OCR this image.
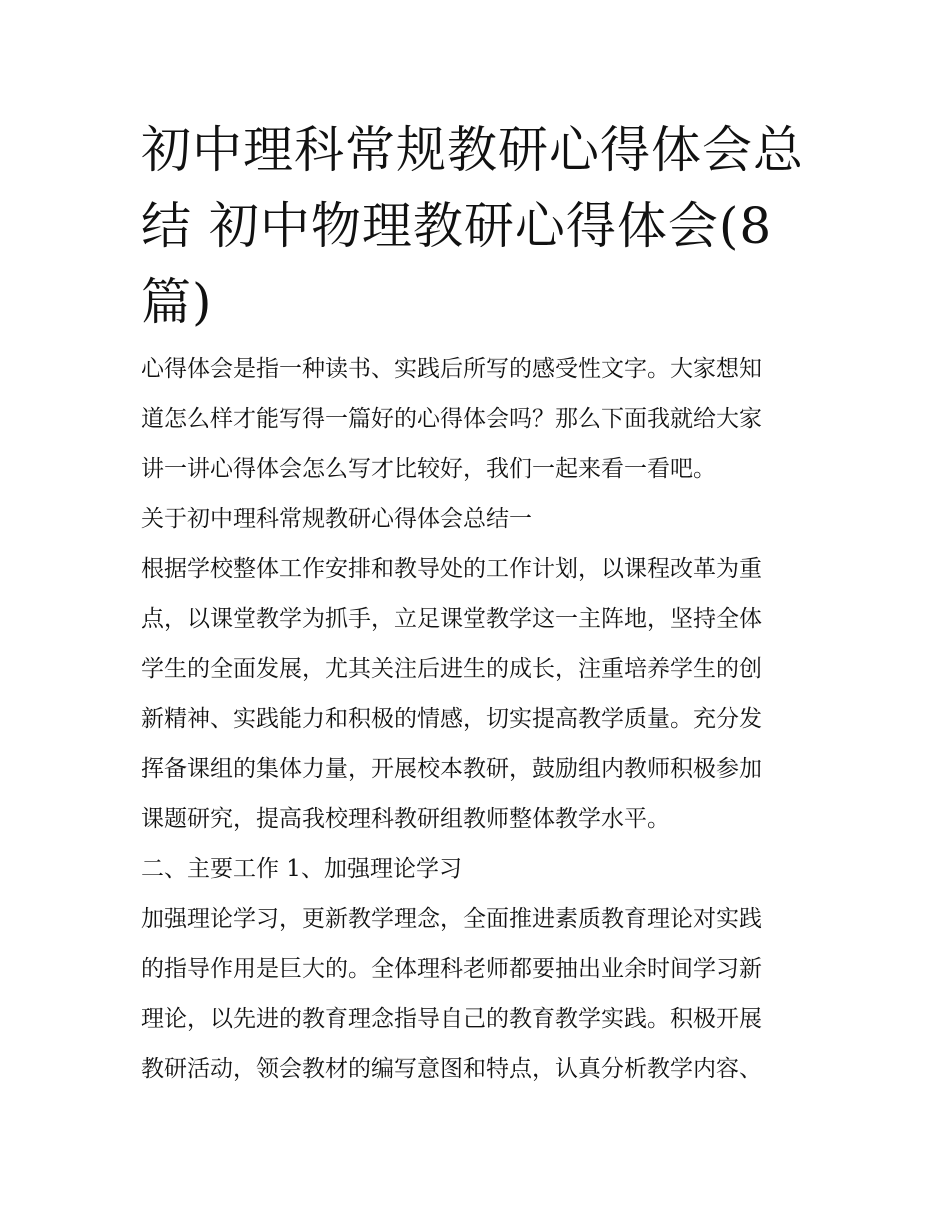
初中理科常规教研心得体会总
结 初中物理教研心得体会(8
篇)

心得体会是指一种读书、实践后所写的感受性文字。大家想知
道怎么样才能写得一篇好的心得体会吗？那么下面我就给大家
讲一讲心得体会怎么写才比较好，我们一起来看一看吧。

关于初中理科常规教研心得体会总结一

根据学校整体工作安排和教导处的工作计划，以课程改革为重
点，以课堂教学为抓手，立足课堂教学这一主阵地，坚持全体
学生的全面发展，尤其关注后进生的成长，注重培养学生的创
新精神、实践能力和积极的情感，切实提高教学质量。充分发
挥备课组的集体力量，开展校本教研，鼓励组内教师积极参加
课题研究，提高我校理科教研组教师整体教学水平。

二、主要工作 1、加强理论学习

加强理论学习，更新教学理念，全面推进素质教育理论对实践
的指导作用是巨大的。全体理科老师都要抽出业余时间学习新
理论，以先进的教育理念指导自己的教育教学实践。积极开展
教研活动，领会教材的编写意图和特点，认真分析教学内容、
